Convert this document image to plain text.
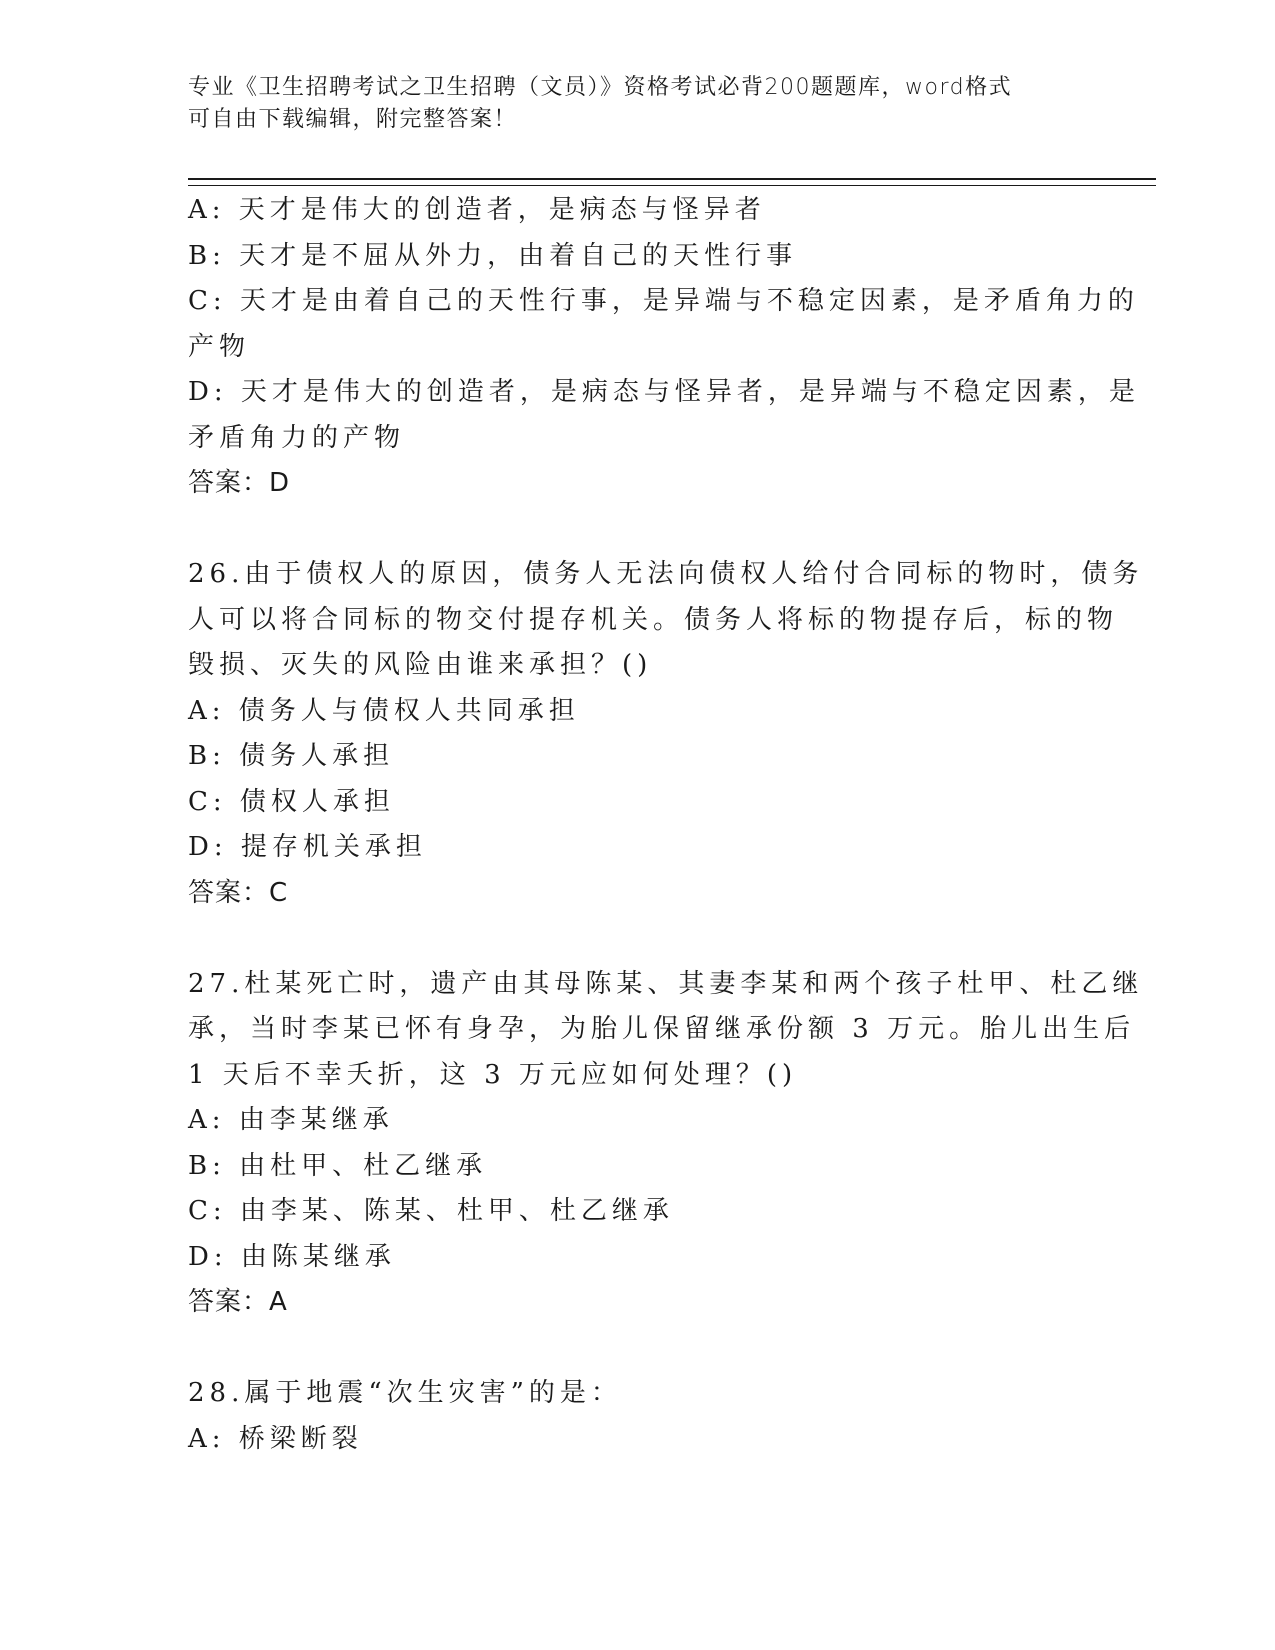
专业《卫生招聘考试之卫生招聘（文员）》资格考试必背200题题库，word格式
可自由下载编辑，附完整答案！
A: 天才是伟大的创造者，是病态与怪异者
B: 天才是不屈从外力，由着自己的天性行事
C: 天才是由着自己的天性行事，是异端与不稳定因素，是矛盾角力的
产物
D: 天才是伟大的创造者，是病态与怪异者，是异端与不稳定因素，是
矛盾角力的产物
答案：D
26.由于债权人的原因，债务人无法向债权人给付合同标的物时，债务
人可以将合同标的物交付提存机关。债务人将标的物提存后，标的物
毁损、灭失的风险由谁来承担？()
A: 债务人与债权人共同承担
B: 债务人承担
C: 债权人承担
D: 提存机关承担
答案：C
27.杜某死亡时，遗产由其母陈某、其妻李某和两个孩子杜甲、杜乙继
承，当时李某已怀有身孕，为胎儿保留继承份额 3 万元。胎儿出生后
1 天后不幸夭折，这 3 万元应如何处理？()
A: 由李某继承
B: 由杜甲、杜乙继承
C: 由李某、陈某、杜甲、杜乙继承
D: 由陈某继承
答案：A
28.属于地震“次生灾害”的是：
A: 桥梁断裂
